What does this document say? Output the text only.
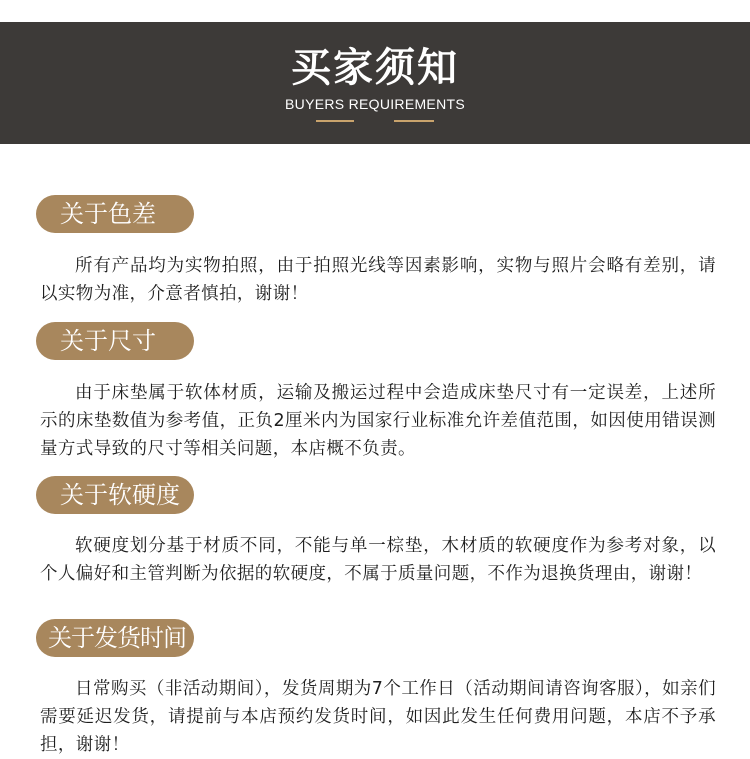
买家须知
BUYERS REQUIREMENTS
关于色差
所有产品均为实物拍照，由于拍照光线等因素影响，实物与照片会略有差别，请以实物为准，介意者慎拍，谢谢！
关于尺寸
由于床垫属于软体材质，运输及搬运过程中会造成床垫尺寸有一定误差，上述所示的床垫数值为参考值，正负2厘米内为国家行业标准允许差值范围，如因使用错误测量方式导致的尺寸等相关问题，本店概不负责。
关于软硬度
软硬度划分基于材质不同，不能与单一棕垫，木材质的软硬度作为参考对象，以个人偏好和主管判断为依据的软硬度，不属于质量问题，不作为退换货理由，谢谢！
关于发货时间
日常购买（非活动期间），发货周期为7个工作日（活动期间请咨询客服），如亲们需要延迟发货，请提前与本店预约发货时间，如因此发生任何费用问题，本店不予承担，谢谢！
